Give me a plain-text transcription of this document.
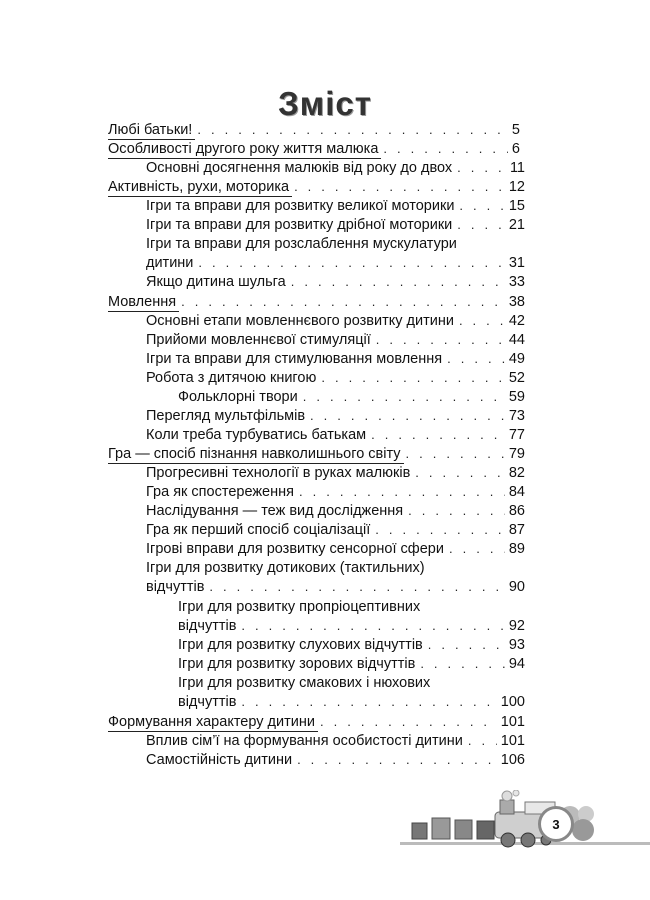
Зміст
Любі батьки! . . .	5
Особливості другого року життя малюка . . .	6
Основні досягнення малюків від року до двох . . .	11
Активність, рухи, моторика . . .	12
Ігри та вправи для розвитку великої моторики . . .	15
Ігри та вправи для розвитку дрібної моторики . . .	21
Ігри та вправи для розслаблення мускулатури
дитини . . .	31
Якщо дитина шульга . . .	33
Мовлення . . .	38
Основні етапи мовленнєвого розвитку дитини . . .	42
Прийоми мовленнєвої стимуляції . . .	44
Ігри та вправи для стимулювання мовлення . . .	49
Робота з дитячою книгою . . .	52
Фольклорні твори . . .	59
Перегляд мультфільмів . . .	73
Коли треба турбуватись батькам . . .	77
Гра — спосіб пізнання навколишнього світу . . .	79
Прогресивні технології в руках малюків . . .	82
Гра як спостереження . . .	84
Наслідування — теж вид дослідження . . .	86
Гра як перший спосіб соціалізації . . .	87
Ігрові вправи для розвитку сенсорної сфери . . .	89
Ігри для розвитку дотикових (тактильних)
відчуттів . . .	90
Ігри для розвитку пропріоцептивних
відчуттів . . .	92
Ігри для розвитку слухових відчуттів . . .	93
Ігри для розвитку зорових відчуттів . . .	94
Ігри для розвитку смакових і нюхових
відчуттів . . .	100
Формування характеру дитини . . .	101
Вплив сім’ї на формування особистості дитини . . .	101
Самостійність дитини . . .	106
3
